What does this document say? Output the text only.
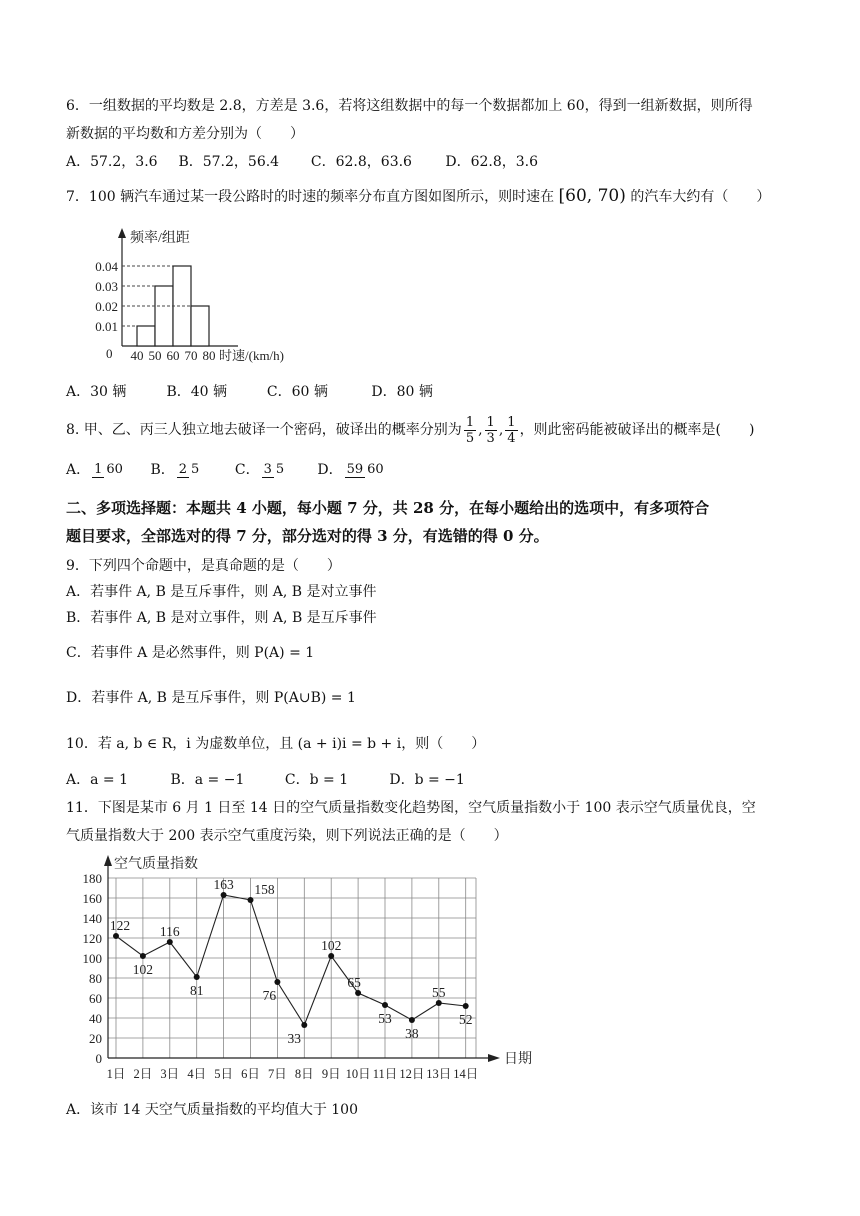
6．一组数据的平均数是 2.8，方差是 3.6，若将这组数据中的每一个数据都加上 60，得到一组新数据，则所得
新数据的平均数和方差分别为（　　）
A．57.2，3.6 B．57.2，56.4 C．62.8，63.6 D．62.8，3.6
7．100 辆汽车通过某一段公路时的时速的频率分布直方图如图所示，则时速在 [60, 70) 的汽车大约有（　　）
频率/组距
0
0.01
0.02
0.03
0.04
40 50 60 70 80 时速/(km/h)
A．30 辆	B．40 辆	C．60 辆	D．80 辆
8. 甲、乙、丙三人独立地去破译一个密码，破译出的概率分别为 $\frac{1}{5}$ , $\frac{1}{3}$ , $\frac{1}{4}$ ，则此密码能被破译出的概率是(　　)
A． 1 60 B． 2 5	C． 3 5 D． 59 60
二、多项选择题：本题共 4 小题，每小题 7 分，共 28 分，在每小题给出的选项中，有多项符合
题目要求，全部选对的得 7 分，部分选对的得 3 分，有选错的得 0 分。
9．下列四个命题中，是真命题的是（　　）
A．若事件 A, B 是互斥事件，则 A, B 是对立事件
B．若事件 A, B 是对立事件，则 A, B 是互斥事件
C．若事件 A 是必然事件，则 P(A) = 1
D．若事件 A, B 是互斥事件，则 P(A∪B) = 1
10．若 a, b ∈ R，i 为虚数单位，且 (a + i)i = b + i，则（　　）
A．a = 1	B．a = −1	C．b = 1	D．b = −1
11．下图是某市 6 月 1 日至 14 日的空气质量指数变化趋势图，空气质量指数小于 100 表示空气质量优良，空
气质量指数大于 200 表示空气重度污染，则下列说法正确的是（　　）
空气质量指数
日期
0
20
40
60
80
100
120
140
160
180
1日 2日 3日 4日 5日 6日 7日 8日 9日 10日 11日 12日 13日 14日
122
102
116
81
163 158
76
33
102
65
53
38
55
52
A．该市 14 天空气质量指数的平均值大于 100
